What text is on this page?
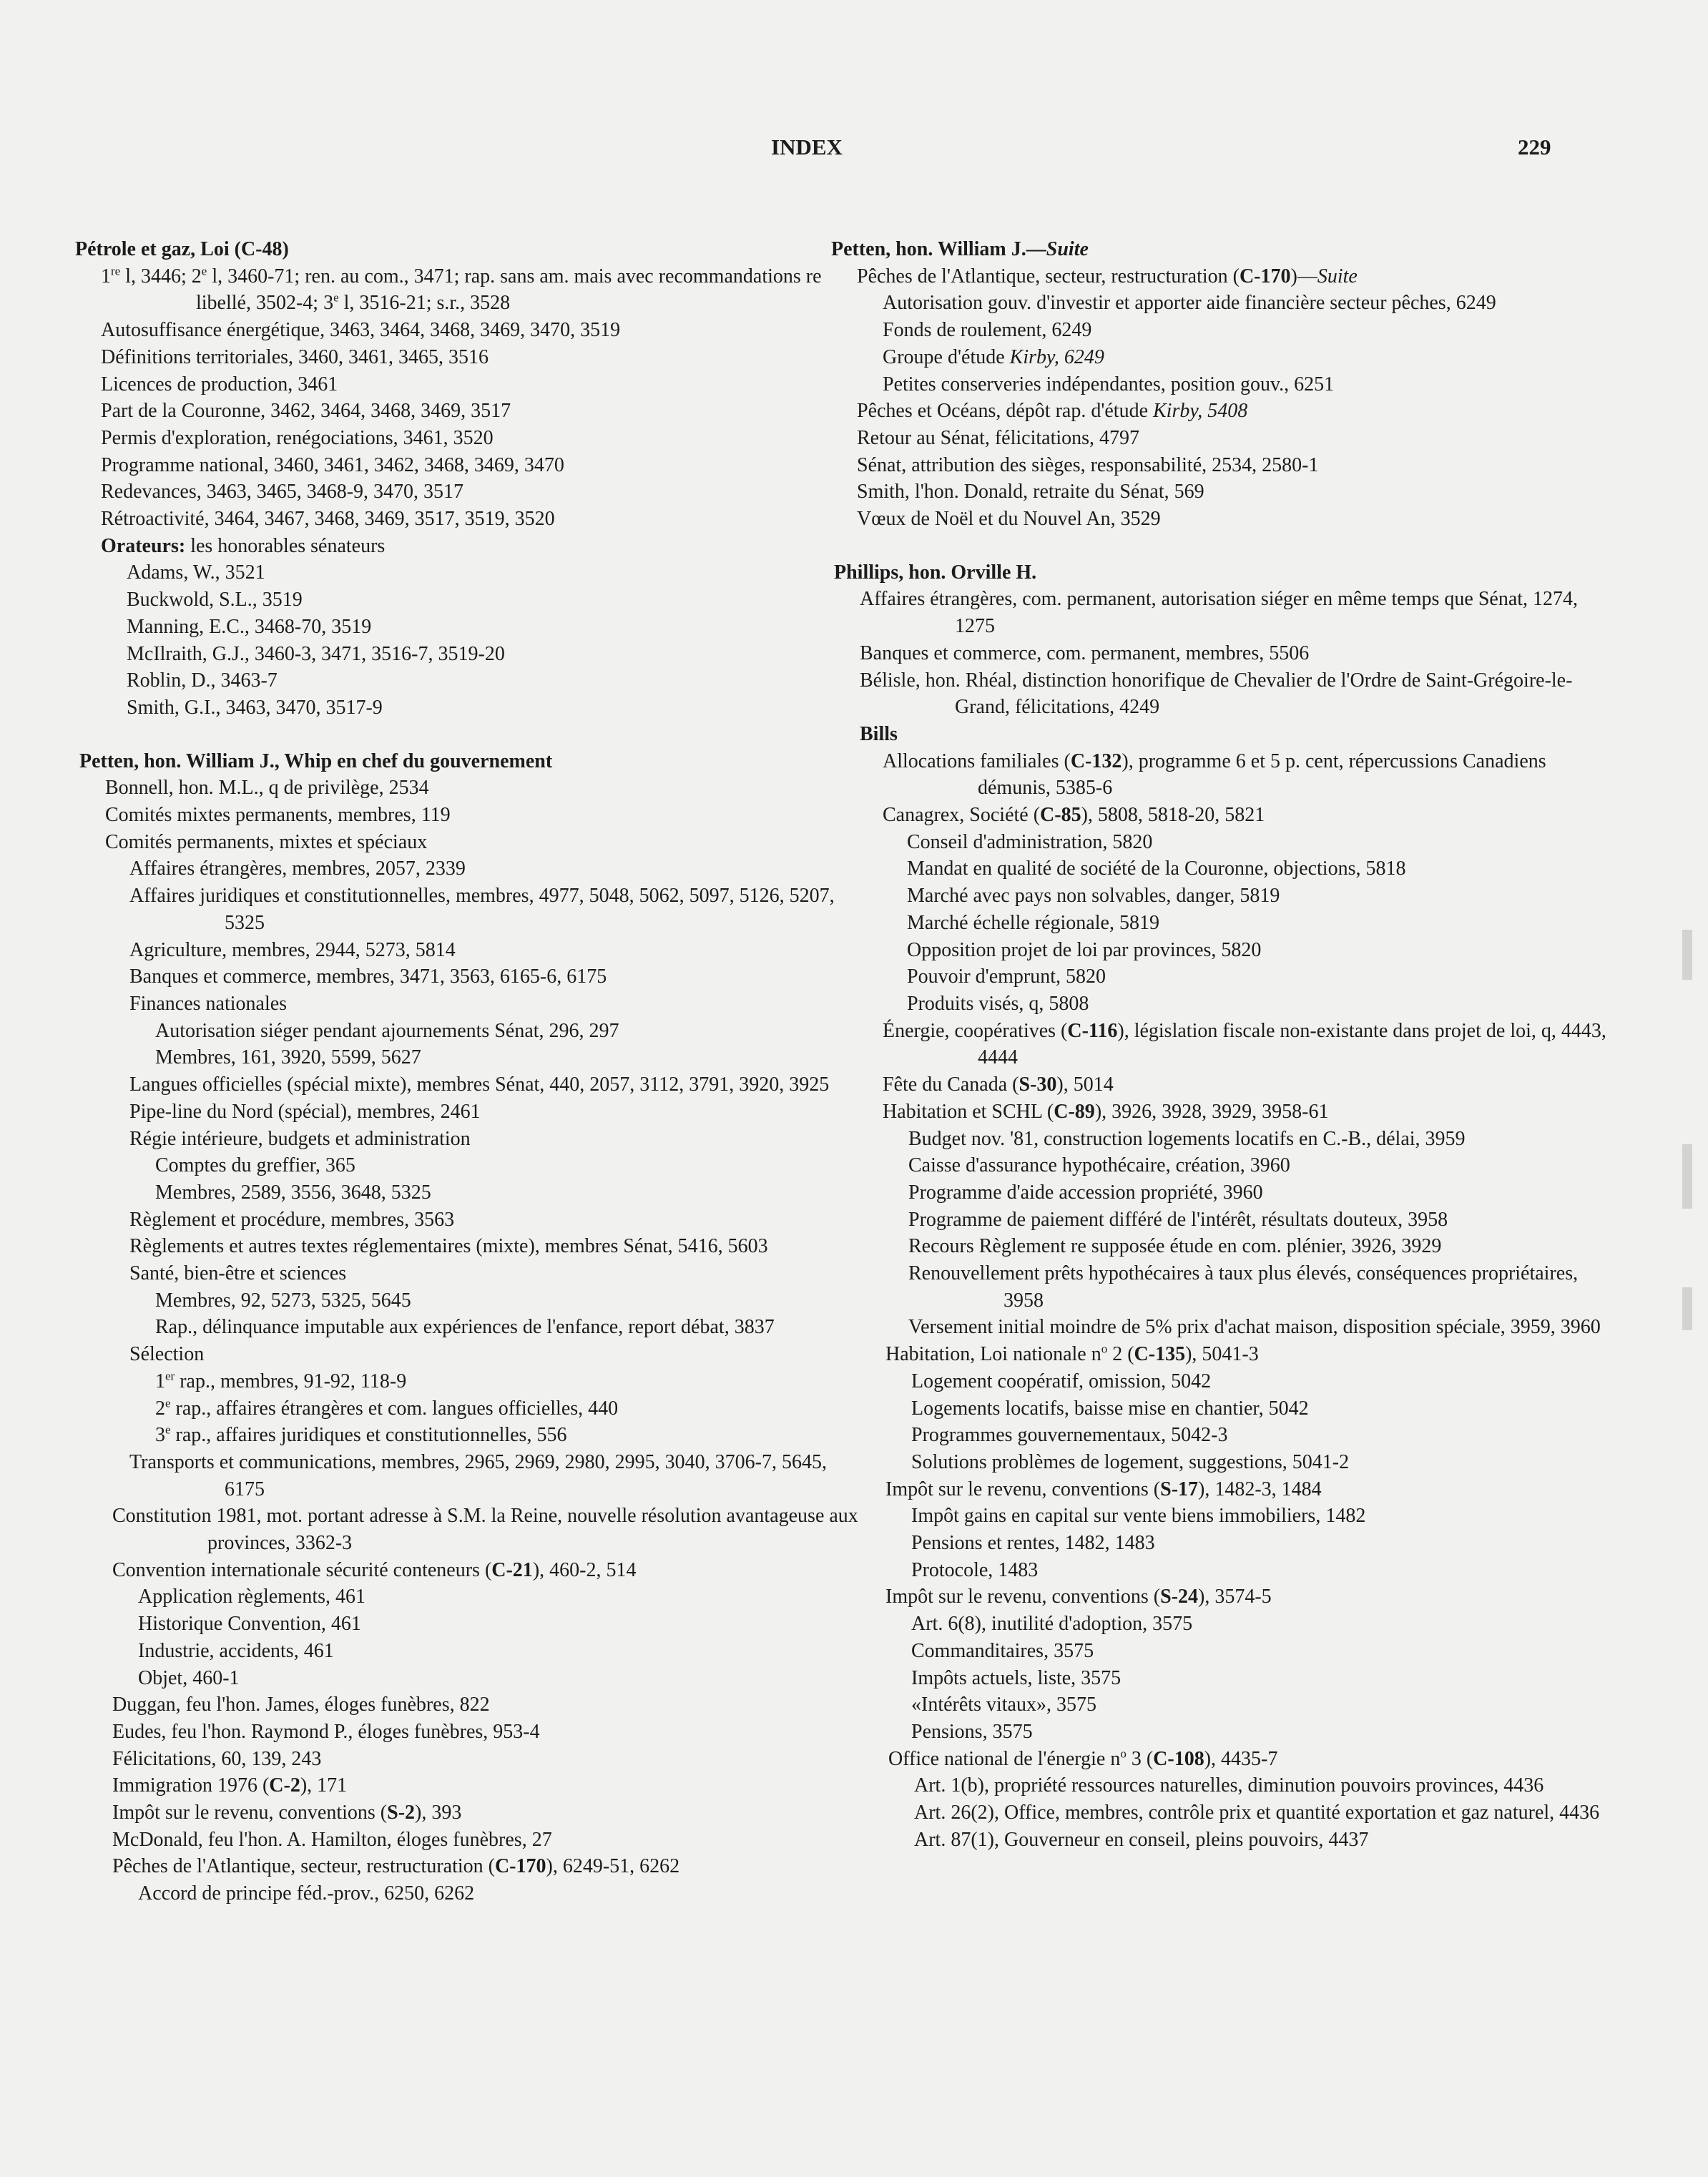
INDEX	229
Pétrole et gaz, Loi (C-48)
1re l, 3446; 2e l, 3460-71; ren. au com., 3471; rap. sans am. mais avec recommandations re libellé, 3502-4; 3e l, 3516-21; s.r., 3528
Autosuffisance énergétique, 3463, 3464, 3468, 3469, 3470, 3519
Définitions territoriales, 3460, 3461, 3465, 3516
Licences de production, 3461
Part de la Couronne, 3462, 3464, 3468, 3469, 3517
Permis d'exploration, renégociations, 3461, 3520
Programme national, 3460, 3461, 3462, 3468, 3469, 3470
Redevances, 3463, 3465, 3468-9, 3470, 3517
Rétroactivité, 3464, 3467, 3468, 3469, 3517, 3519, 3520
Orateurs: les honorables sénateurs
Adams, W., 3521
Buckwold, S.L., 3519
Manning, E.C., 3468-70, 3519
McIlraith, G.J., 3460-3, 3471, 3516-7, 3519-20
Roblin, D., 3463-7
Smith, G.I., 3463, 3470, 3517-9
Petten, hon. William J., Whip en chef du gouvernement
Bonnell, hon. M.L., q de privilège, 2534
Comités mixtes permanents, membres, 119
Comités permanents, mixtes et spéciaux
Affaires étrangères, membres, 2057, 2339
Affaires juridiques et constitutionnelles, membres, 4977, 5048, 5062, 5097, 5126, 5207, 5325
Agriculture, membres, 2944, 5273, 5814
Banques et commerce, membres, 3471, 3563, 6165-6, 6175
Finances nationales
Autorisation siéger pendant ajournements Sénat, 296, 297
Membres, 161, 3920, 5599, 5627
Langues officielles (spécial mixte), membres Sénat, 440, 2057, 3112, 3791, 3920, 3925
Pipe-line du Nord (spécial), membres, 2461
Régie intérieure, budgets et administration
Comptes du greffier, 365
Membres, 2589, 3556, 3648, 5325
Règlement et procédure, membres, 3563
Règlements et autres textes réglementaires (mixte), membres Sénat, 5416, 5603
Santé, bien-être et sciences
Membres, 92, 5273, 5325, 5645
Rap., délinquance imputable aux expériences de l'enfance, report débat, 3837
Sélection
1er rap., membres, 91-92, 118-9
2e rap., affaires étrangères et com. langues officielles, 440
3e rap., affaires juridiques et constitutionnelles, 556
Transports et communications, membres, 2965, 2969, 2980, 2995, 3040, 3706-7, 5645, 6175
Constitution 1981, mot. portant adresse à S.M. la Reine, nouvelle résolution avantageuse aux provinces, 3362-3
Convention internationale sécurité conteneurs (C-21), 460-2, 514
Application règlements, 461
Historique Convention, 461
Industrie, accidents, 461
Objet, 460-1
Duggan, feu l'hon. James, éloges funèbres, 822
Eudes, feu l'hon. Raymond P., éloges funèbres, 953-4
Félicitations, 60, 139, 243
Immigration 1976 (C-2), 171
Impôt sur le revenu, conventions (S-2), 393
McDonald, feu l'hon. A. Hamilton, éloges funèbres, 27
Pêches de l'Atlantique, secteur, restructuration (C-170), 6249-51, 6262
Accord de principe féd.-prov., 6250, 6262
Petten, hon. William J.—Suite
Pêches de l'Atlantique, secteur, restructuration (C-170)—Suite
Autorisation gouv. d'investir et apporter aide financière secteur pêches, 6249
Fonds de roulement, 6249
Groupe d'étude Kirby, 6249
Petites conserveries indépendantes, position gouv., 6251
Pêches et Océans, dépôt rap. d'étude Kirby, 5408
Retour au Sénat, félicitations, 4797
Sénat, attribution des sièges, responsabilité, 2534, 2580-1
Smith, l'hon. Donald, retraite du Sénat, 569
Vœux de Noël et du Nouvel An, 3529
Phillips, hon. Orville H.
Affaires étrangères, com. permanent, autorisation siéger en même temps que Sénat, 1274, 1275
Banques et commerce, com. permanent, membres, 5506
Bélisle, hon. Rhéal, distinction honorifique de Chevalier de l'Ordre de Saint-Grégoire-le-Grand, félicitations, 4249
Bills
Allocations familiales (C-132), programme 6 et 5 p. cent, répercussions Canadiens démunis, 5385-6
Canagrex, Société (C-85), 5808, 5818-20, 5821
Conseil d'administration, 5820
Mandat en qualité de société de la Couronne, objections, 5818
Marché avec pays non solvables, danger, 5819
Marché échelle régionale, 5819
Opposition projet de loi par provinces, 5820
Pouvoir d'emprunt, 5820
Produits visés, q, 5808
Énergie, coopératives (C-116), législation fiscale non-existante dans projet de loi, q, 4443, 4444
Fête du Canada (S-30), 5014
Habitation et SCHL (C-89), 3926, 3928, 3929, 3958-61
Budget nov. '81, construction logements locatifs en C.-B., délai, 3959
Caisse d'assurance hypothécaire, création, 3960
Programme d'aide accession propriété, 3960
Programme de paiement différé de l'intérêt, résultats douteux, 3958
Recours Règlement re supposée étude en com. plénier, 3926, 3929
Renouvellement prêts hypothécaires à taux plus élevés, conséquences propriétaires, 3958
Versement initial moindre de 5% prix d'achat maison, disposition spéciale, 3959, 3960
Habitation, Loi nationale $n^o$ 2 (C-135), 5041-3
Logement coopératif, omission, 5042
Logements locatifs, baisse mise en chantier, 5042
Programmes gouvernementaux, 5042-3
Solutions problèmes de logement, suggestions, 5041-2
Impôt sur le revenu, conventions (S-17), 1482-3, 1484
Impôt gains en capital sur vente biens immobiliers, 1482
Pensions et rentes, 1482, 1483
Protocole, 1483
Impôt sur le revenu, conventions (S-24), 3574-5
Art. 6(8), inutilité d'adoption, 3575
Commanditaires, 3575
Impôts actuels, liste, 3575
«Intérêts vitaux», 3575
Pensions, 3575
Office national de l'énergie $n^o$ 3 (C-108), 4435-7
Art. 1(b), propriété ressources naturelles, diminution pouvoirs provinces, 4436
Art. 26(2), Office, membres, contrôle prix et quantité exportation et gaz naturel, 4436
Art. 87(1), Gouverneur en conseil, pleins pouvoirs, 4437
